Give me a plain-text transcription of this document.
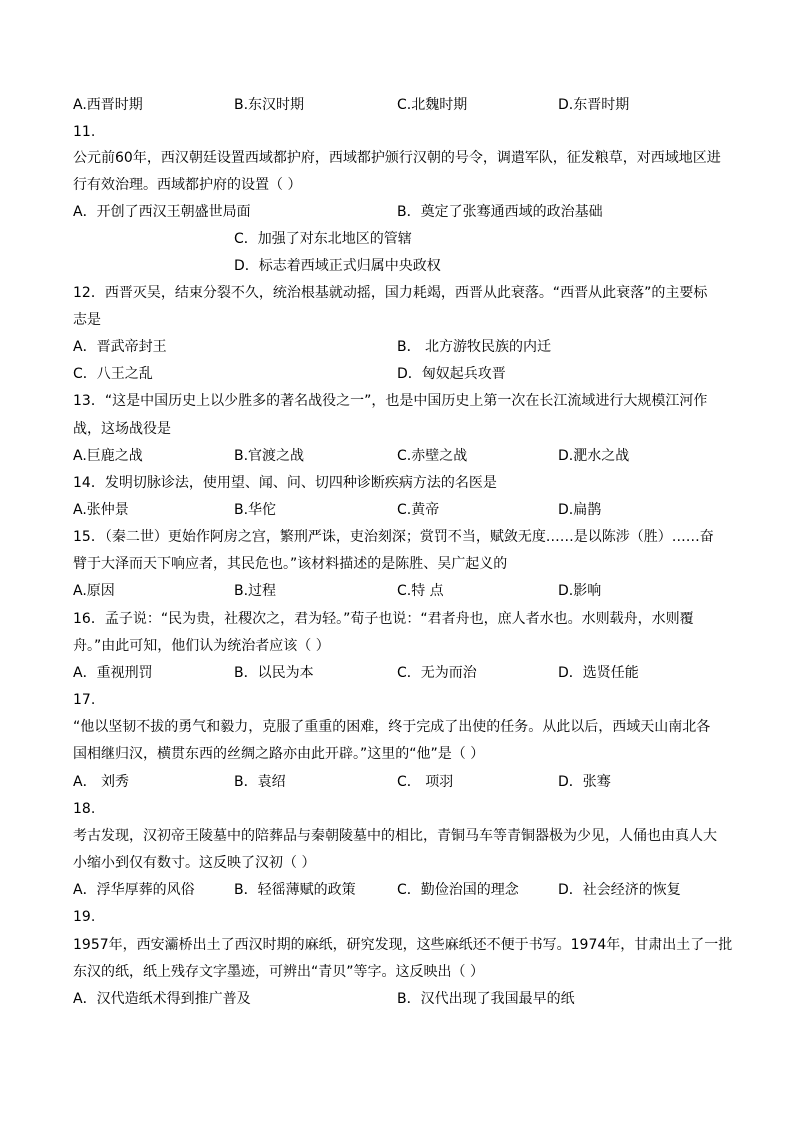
A.西晋时期	B.东汉时期	C.北魏时期	D.东晋时期
11.
公元前60年，西汉朝廷设置西域都护府，西域都护颁行汉朝的号令，调遣军队，征发粮草，对西域地区进
行有效治理。西域都护府的设置（ ）
A．开创了西汉王朝盛世局面	B．奠定了张骞通西域的政治基础
C．加强了对东北地区的管辖
D．标志着西域正式归属中央政权
12．西晋灭吴，结束分裂不久，统治根基就动摇，国力耗竭，西晋从此衰落。“西晋从此衰落”的主要标
志是
A．晋武帝封王	B． 北方游牧民族的内迁
C．八王之乱	D．匈奴起兵攻晋
13．“这是中国历史上以少胜多的著名战役之一”，也是中国历史上第一次在长江流域进行大规模江河作
战，这场战役是
A.巨鹿之战	B.官渡之战	C.赤壁之战	D.淝水之战
14．发明切脉诊法，使用望、闻、问、切四种诊断疾病方法的名医是
A.张仲景	B.华佗	C.黄帝	D.扁鹊
15．（秦二世）更始作阿房之宫，繁刑严诛，吏治刻深；赏罚不当，赋敛无度……是以陈涉（胜）……奋
臂于大泽而天下响应者，其民危也。”该材料描述的是陈胜、吴广起义的
A.原因	B.过程	C.特 点	D.影响
16．孟子说：“民为贵，社稷次之，君为轻。”荀子也说：“君者舟也，庶人者水也。水则载舟，水则覆
舟。”由此可知，他们认为统治者应该（ ）
A．重视刑罚	B．以民为本	C．无为而治	D．选贤任能
17.
“他以坚韧不拔的勇气和毅力，克服了重重的困难，终于完成了出使的任务。从此以后，西域天山南北各
国相继归汉，横贯东西的丝绸之路亦由此开辟。”这里的“他”是（ ）
A． 刘秀	B．袁绍	C． 项羽	D．张骞
18.
考古发现，汉初帝王陵墓中的陪葬品与秦朝陵墓中的相比，青铜马车等青铜器极为少见，人俑也由真人大
小缩小到仅有数寸。这反映了汉初（ ）
A．浮华厚葬的风俗	B．轻徭薄赋的政策	C．勤俭治国的理念	D．社会经济的恢复
19.
1957年，西安灞桥出土了西汉时期的麻纸，研究发现，这些麻纸还不便于书写。1974年，甘肃出土了一批
东汉的纸，纸上残存文字墨迹，可辨出“青贝”等字。这反映出（ ）
A．汉代造纸术得到推广普及	B．汉代出现了我国最早的纸
